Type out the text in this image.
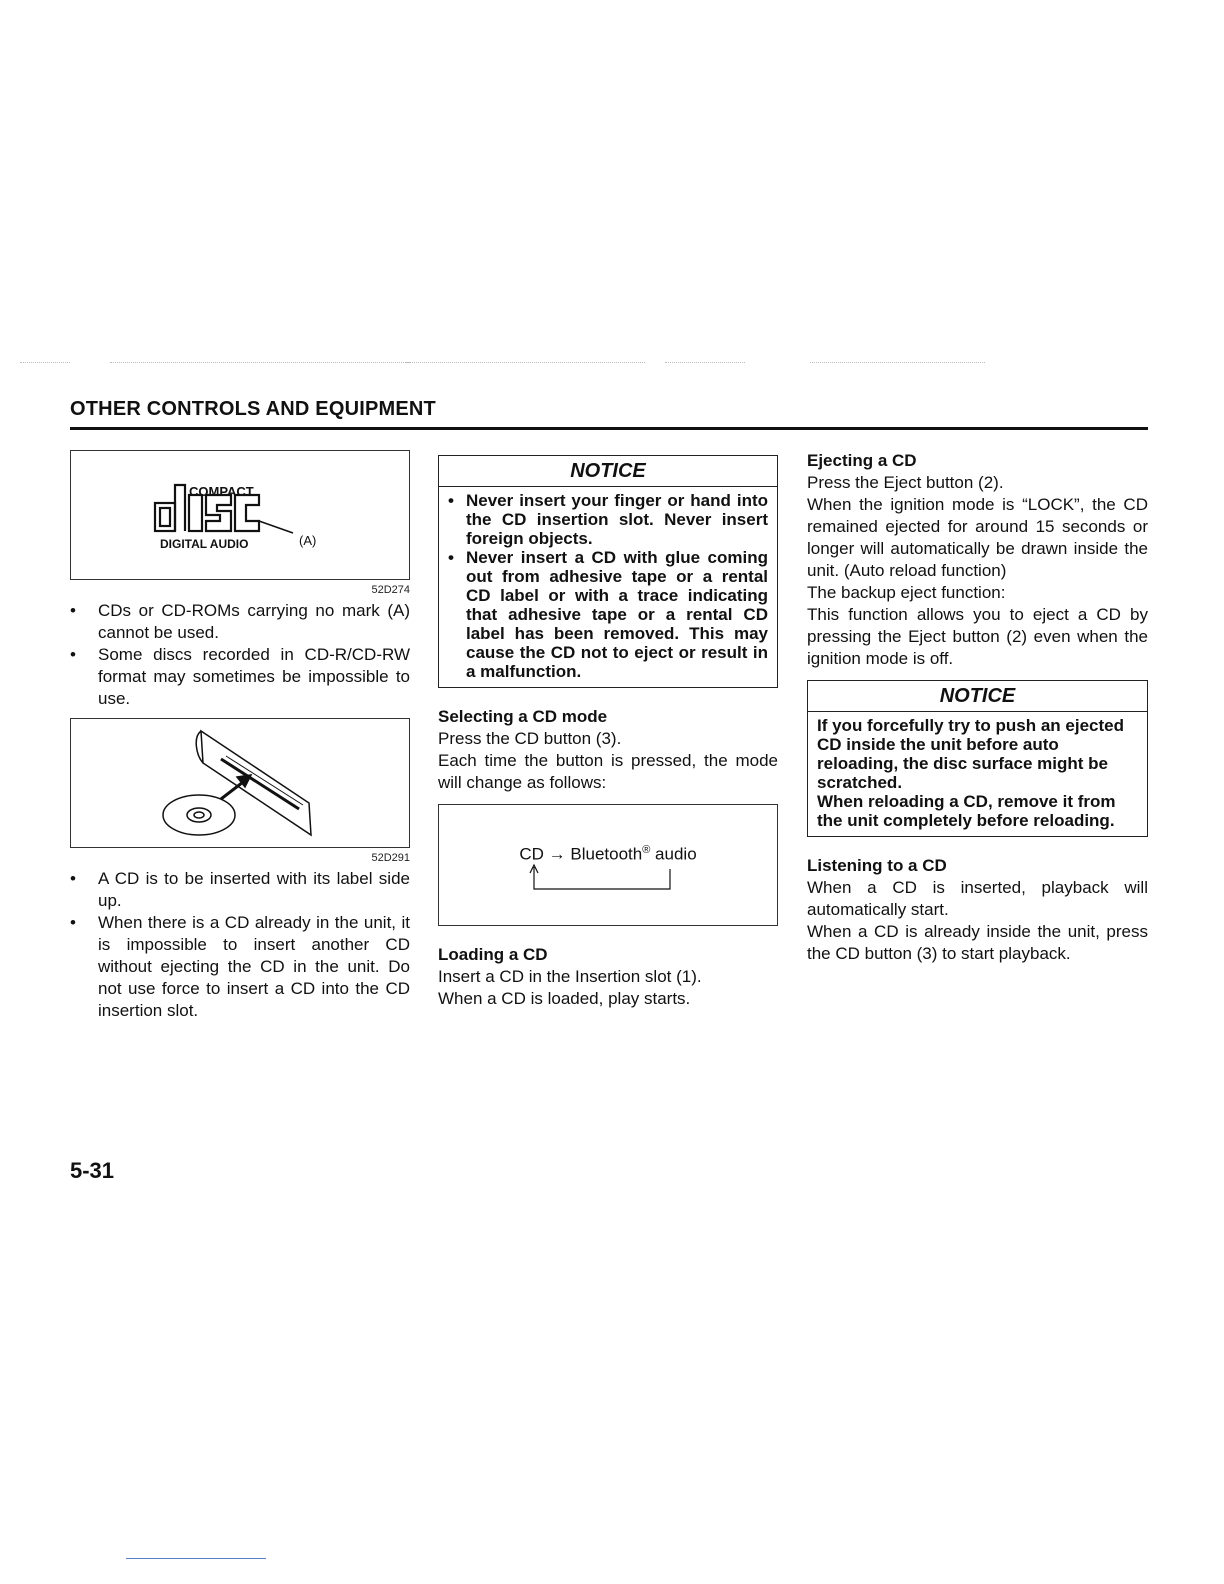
OTHER CONTROLS AND EQUIPMENT
COMPACT
DIGITAL AUDIO	(A)
52D274
• CDs or CD-ROMs carrying no mark (A) cannot be used.
• Some discs recorded in CD-R/CD-RW format may sometimes be impossible to use.
52D291
• A CD is to be inserted with its label side up.
• When there is a CD already in the unit, it is impossible to insert another CD without ejecting the CD in the unit. Do not use force to insert a CD into the CD insertion slot.
NOTICE
• Never insert your finger or hand into the CD insertion slot. Never insert foreign objects.
• Never insert a CD with glue coming out from adhesive tape or a rental CD label or with a trace indicating that adhesive tape or a rental CD label has been removed. This may cause the CD not to eject or result in a malfunction.
Selecting a CD mode

Press the CD button (3).

Each time the button is pressed, the mode will change as follows:

CD → Bluetooth® audio
Loading a CD

Insert a CD in the Insertion slot (1).

When a CD is loaded, play starts.

Ejecting a CD

Press the Eject button (2).

When the ignition mode is “LOCK”, the CD remained ejected for around 15 seconds or longer will automatically be drawn inside the unit. (Auto reload function)

The backup eject function:

This function allows you to eject a CD by pressing the Eject button (2) even when the ignition mode is off.

NOTICE

If you forcefully try to push an ejected CD inside the unit before auto reloading, the disc surface might be scratched.

When reloading a CD, remove it from the unit completely before reloading.

Listening to a CD

When a CD is inserted, playback will automatically start.

When a CD is already inside the unit, press the CD button (3) to start playback.

5-31
